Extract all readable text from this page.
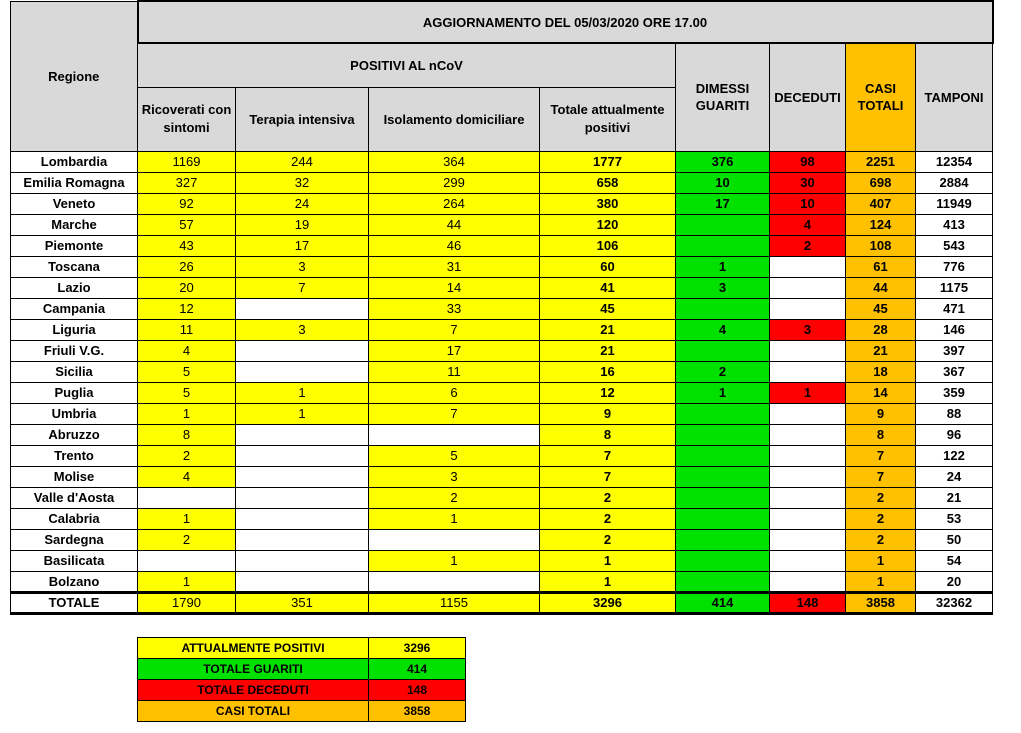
Regione	AGGIORNAMENTO DEL 05/03/2020 ORE 17.00							
	POSITIVI AL nCoV				DIMESSI GUARITI	DECEDUTI	CASI TOTALI	TAMPONI
	Ricoverati con sintomi	Terapia intensiva	Isolamento domiciliare	Totale attualmente positivi				
Lombardia	1169	244	364	1777	376	98	2251	12354
Emilia Romagna	327	32	299	658	10	30	698	2884
Veneto	92	24	264	380	17	10	407	11949
Marche	57	19	44	120		4	124	413
Piemonte	43	17	46	106		2	108	543
Toscana	26	3	31	60	1		61	776
Lazio	20	7	14	41	3		44	1175
Campania	12		33	45			45	471
Liguria	11	3	7	21	4	3	28	146
Friuli V.G.	4		17	21			21	397
Sicilia	5		11	16	2		18	367
Puglia	5	1	6	12	1	1	14	359
Umbria	1	1	7	9			9	88
Abruzzo	8			8			8	96
Trento	2		5	7			7	122
Molise	4		3	7			7	24
Valle d'Aosta			2	2			2	21
Calabria	1		1	2			2	53
Sardegna	2			2			2	50
Basilicata			1	1			1	54
Bolzano	1			1			1	20
TOTALE	1790	351	1155	3296	414	148	3858	32362
ATTUALMENTE POSITIVI	3296
TOTALE GUARITI	414
TOTALE DECEDUTI	148
CASI TOTALI	3858
